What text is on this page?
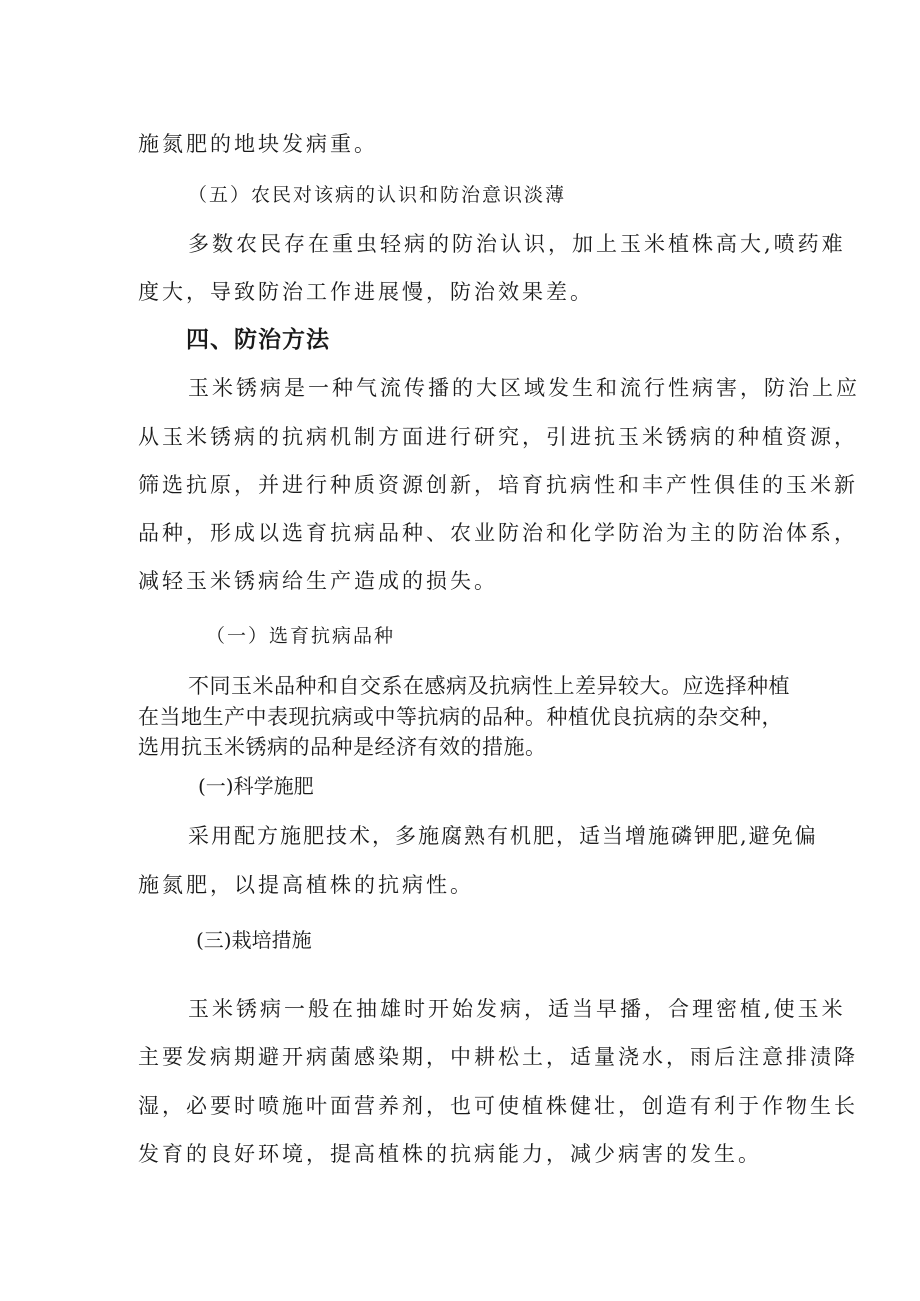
施氮肥的地块发病重。
（五）农民对该病的认识和防治意识淡薄
多数农民存在重虫轻病的防治认识，加上玉米植株高大,喷药难
度大，导致防治工作进展慢，防治效果差。
四、防治方法
玉米锈病是一种气流传播的大区域发生和流行性病害，防治上应
从玉米锈病的抗病机制方面进行研究，引进抗玉米锈病的种植资源，
筛选抗原，并进行种质资源创新，培育抗病性和丰产性俱佳的玉米新
品种，形成以选育抗病品种、农业防治和化学防治为主的防治体系，
减轻玉米锈病给生产造成的损失。
（一）选育抗病品种
不同玉米品种和自交系在感病及抗病性上差异较大。应选择种植
在当地生产中表现抗病或中等抗病的品种。种植优良抗病的杂交种，
选用抗玉米锈病的品种是经济有效的措施。
(一)科学施肥
采用配方施肥技术，多施腐熟有机肥，适当增施磷钾肥,避免偏
施氮肥，以提高植株的抗病性。
(三)栽培措施
玉米锈病一般在抽雄时开始发病，适当早播，合理密植,使玉米
主要发病期避开病菌感染期，中耕松土，适量浇水，雨后注意排渍降
湿，必要时喷施叶面营养剂，也可使植株健壮，创造有利于作物生长
发育的良好环境，提高植株的抗病能力，减少病害的发生。
